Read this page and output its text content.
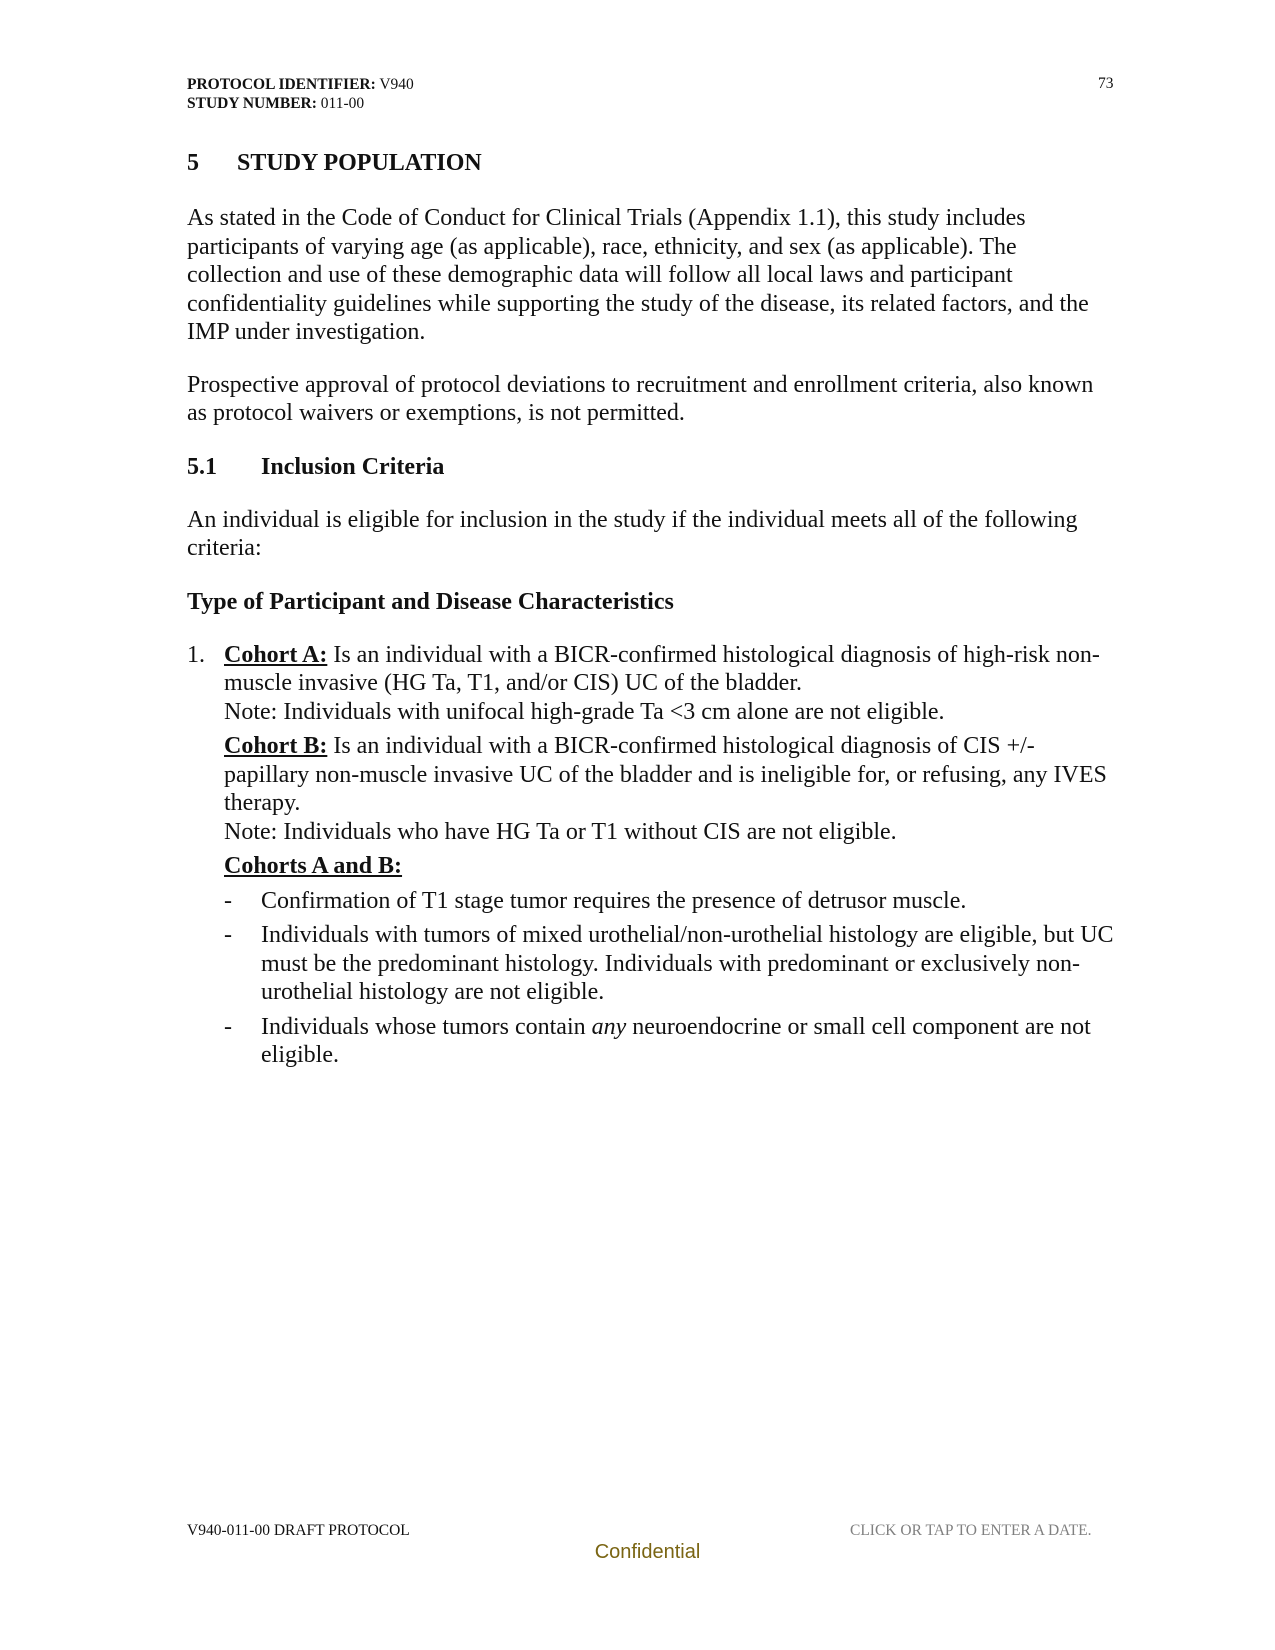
PROTOCOL IDENTIFIER: V940
STUDY NUMBER: 011-00
73
5 STUDY POPULATION

As stated in the Code of Conduct for Clinical Trials (Appendix 1.1), this study includes participants of varying age (as applicable), race, ethnicity, and sex (as applicable). The collection and use of these demographic data will follow all local laws and participant confidentiality guidelines while supporting the study of the disease, its related factors, and the IMP under investigation.

Prospective approval of protocol deviations to recruitment and enrollment criteria, also known as protocol waivers or exemptions, is not permitted.

5.1 Inclusion Criteria

An individual is eligible for inclusion in the study if the individual meets all of the following criteria:

Type of Participant and Disease Characteristics
1. Cohort A: Is an individual with a BICR-confirmed histological diagnosis of high-risk non-muscle invasive (HG Ta, T1, and/or CIS) UC of the bladder.
Note: Individuals with unifocal high-grade Ta <3 cm alone are not eligible.

Cohort B: Is an individual with a BICR-confirmed histological diagnosis of CIS +/- papillary non-muscle invasive UC of the bladder and is ineligible for, or refusing, any IVES therapy.
Note: Individuals who have HG Ta or T1 without CIS are not eligible.

Cohorts A and B:

- Confirmation of T1 stage tumor requires the presence of detrusor muscle.
- Individuals with tumors of mixed urothelial/non-urothelial histology are eligible, but UC must be the predominant histology. Individuals with predominant or exclusively non-urothelial histology are not eligible.
- Individuals whose tumors contain any neuroendocrine or small cell component are not eligible.
V940-011-00 DRAFT PROTOCOL	CLICK OR TAP TO ENTER A DATE.
Confidential
